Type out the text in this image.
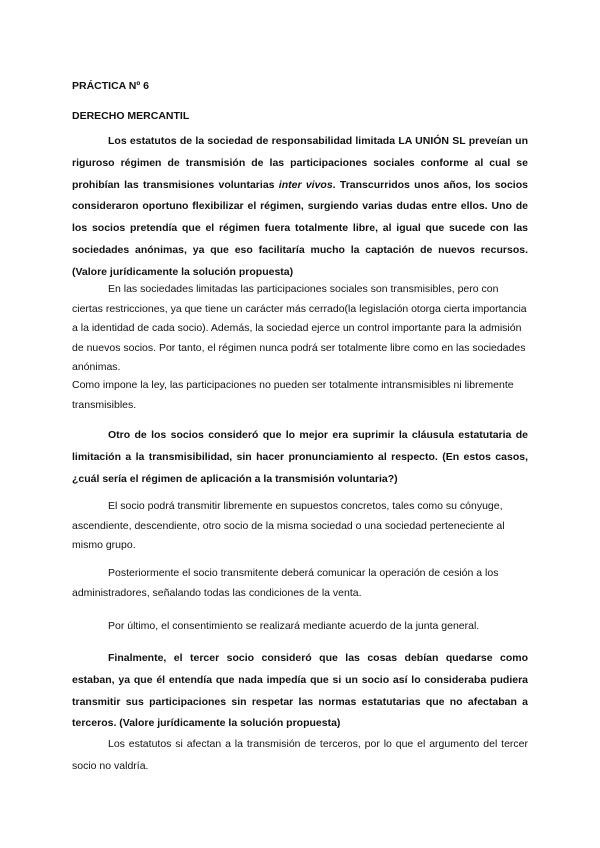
PRÁCTICA Nº 6
DERECHO MERCANTIL
Los estatutos de la sociedad de responsabilidad limitada LA UNIÓN SL preveían un riguroso régimen de transmisión de las participaciones sociales conforme al cual se prohibían las transmisiones voluntarias inter vivos. Transcurridos unos años, los socios consideraron oportuno flexibilizar el régimen, surgiendo varias dudas entre ellos. Uno de los socios pretendía que el régimen fuera totalmente libre, al igual que sucede con las sociedades anónimas, ya que eso facilitaría mucho la captación de nuevos recursos. (Valore jurídicamente la solución propuesta)
En las sociedades limitadas las participaciones sociales son transmisibles, pero con ciertas restricciones, ya que tiene un carácter más cerrado(la legislación otorga cierta importancia a la identidad de cada socio). Además, la sociedad ejerce un control importante para la admisión de nuevos socios. Por tanto, el régimen nunca podrá ser totalmente libre como en las sociedades anónimas.
Como impone la ley, las participaciones no pueden ser totalmente intransmisibles ni libremente transmisibles.
Otro de los socios consideró que lo mejor era suprimir la cláusula estatutaria de limitación a la transmisibilidad, sin hacer pronunciamiento al respecto. (En estos casos, ¿cuál sería el régimen de aplicación a la transmisión voluntaria?)
El socio podrá transmitir libremente en supuestos concretos, tales como su cónyuge, ascendiente, descendiente, otro socio de la misma sociedad o una sociedad perteneciente al mismo grupo.
Posteriormente el socio transmitente deberá comunicar la operación de cesión a los administradores, señalando todas las condiciones de la venta.
Por último, el consentimiento se realizará mediante acuerdo de la junta general.
Finalmente, el tercer socio consideró que las cosas debían quedarse como estaban, ya que él entendía que nada impedía que si un socio así lo consideraba pudiera transmitir sus participaciones sin respetar las normas estatutarias que no afectaban a terceros. (Valore jurídicamente la solución propuesta)
Los estatutos si afectan a la transmisión de terceros, por lo que el argumento del tercer socio no valdría.
